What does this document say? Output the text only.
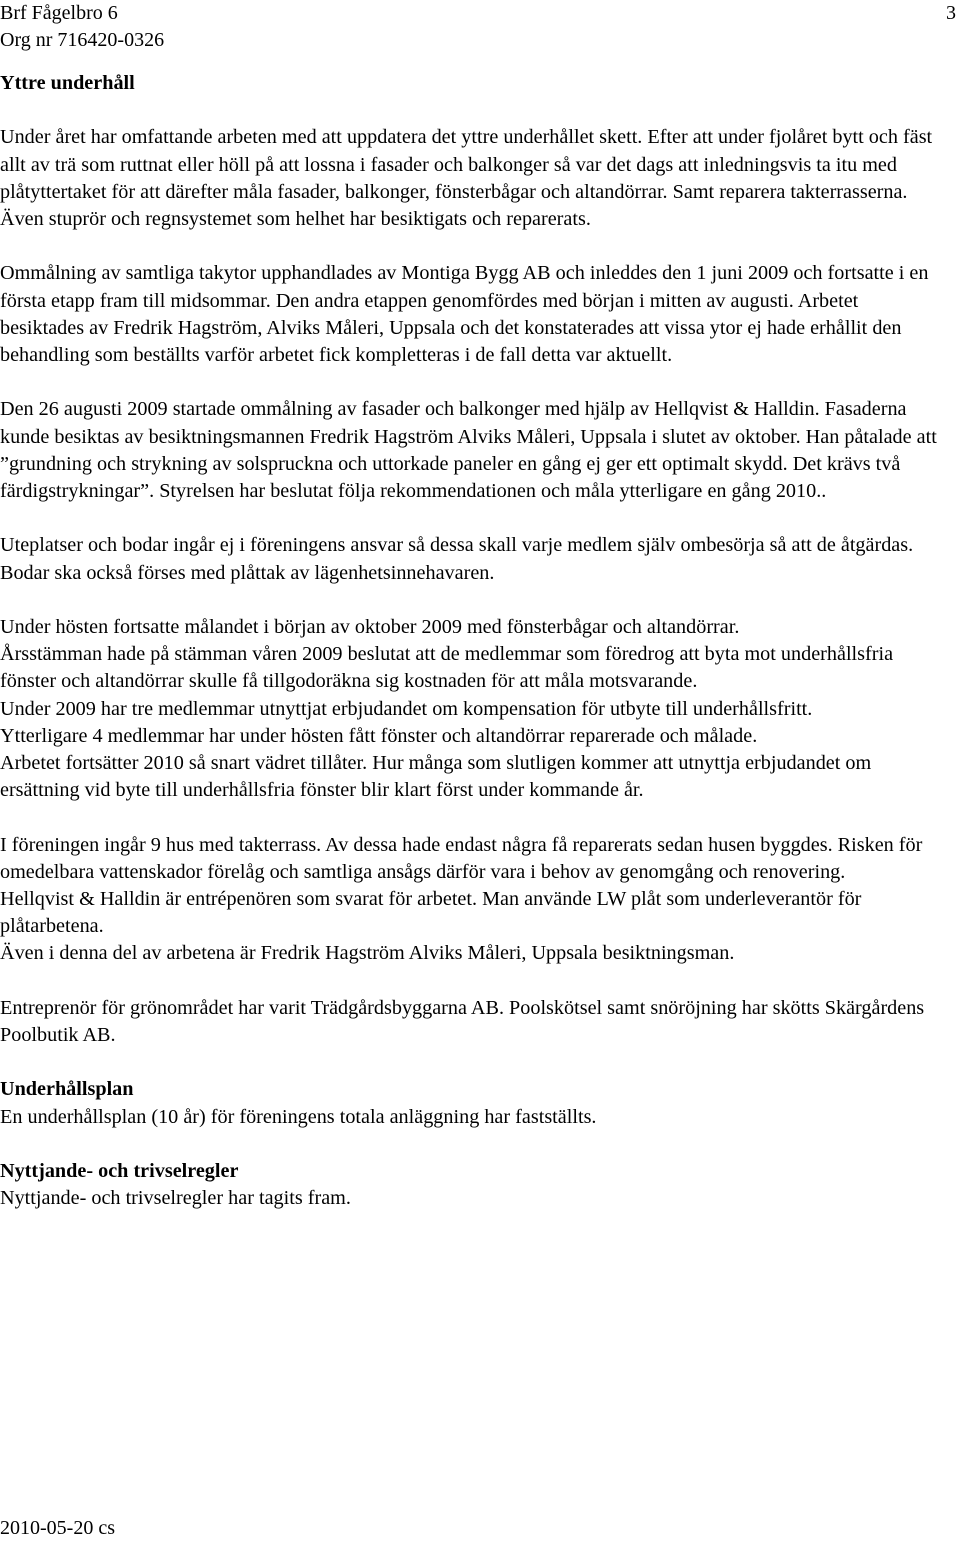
Brf Fågelbro 6
Org nr 716420-0326
3

Yttre underhåll

Under året har omfattande arbeten med att uppdatera det yttre underhållet skett. Efter att under fjolåret bytt och fäst allt av trä som ruttnat eller höll på att lossna i fasader och balkonger så var det dags att inledningsvis ta itu med plåtyttertaket för att därefter måla fasader, balkonger, fönsterbågar och altandörrar. Samt reparera takterrasserna. Även stuprör och regnsystemet som helhet har besiktigats och reparerats.

Ommålning av samtliga takytor upphandlades av Montiga Bygg AB och inleddes den 1 juni 2009 och fortsatte i en första etapp fram till midsommar. Den andra etappen genomfördes med början i mitten av augusti. Arbetet besiktades av Fredrik Hagström, Alviks Måleri, Uppsala och det konstaterades att vissa ytor ej hade erhållit den behandling som beställts varför arbetet fick kompletteras i de fall detta var aktuellt.

Den 26 augusti 2009 startade ommålning av fasader och balkonger med hjälp av Hellqvist & Halldin. Fasaderna kunde besiktas av besiktningsmannen Fredrik Hagström Alviks Måleri, Uppsala i slutet av oktober. Han påtalade att ”grundning och strykning av solspruckna och uttorkade paneler en gång ej ger ett optimalt skydd. Det krävs två färdigstrykningar”. Styrelsen har beslutat följa rekommendationen och måla ytterligare en gång 2010..

Uteplatser och bodar ingår ej i föreningens ansvar så dessa skall varje medlem själv ombesörja så att de åtgärdas.

Bodar ska också förses med plåttak av lägenhetsinnehavaren.

Under hösten fortsatte målandet i början av oktober 2009 med fönsterbågar och altandörrar.

Årsstämman hade på stämman våren 2009 beslutat att de medlemmar som föredrog att byta mot underhållsfria fönster och altandörrar skulle få tillgodoräkna sig kostnaden för att måla motsvarande.

Under 2009 har tre medlemmar utnyttjat erbjudandet om kompensation för utbyte till underhållsfritt.

Ytterligare 4 medlemmar har under hösten fått fönster och altandörrar reparerade och målade.

Arbetet fortsätter 2010 så snart vädret tillåter. Hur många som slutligen kommer att utnyttja erbjudandet om ersättning vid byte till underhållsfria fönster blir klart först under kommande år.

I föreningen ingår 9 hus med takterrass. Av dessa hade endast några få reparerats sedan husen byggdes. Risken för omedelbara vattenskador förelåg och samtliga ansågs därför vara i behov av genomgång och renovering.

Hellqvist & Halldin är entrépenören som svarat för arbetet. Man använde LW plåt som underleverantör för plåtarbetena.

Även i denna del av arbetena är Fredrik Hagström Alviks Måleri, Uppsala besiktningsman.

Entreprenör för grönområdet har varit Trädgårdsbyggarna AB. Poolskötsel samt snöröjning har skötts Skärgårdens Poolbutik AB.

Underhållsplan

En underhållsplan (10 år) för föreningens totala anläggning har fastställts.

Nyttjande- och trivselregler

Nyttjande- och trivselregler har tagits fram.

2010-05-20 cs
